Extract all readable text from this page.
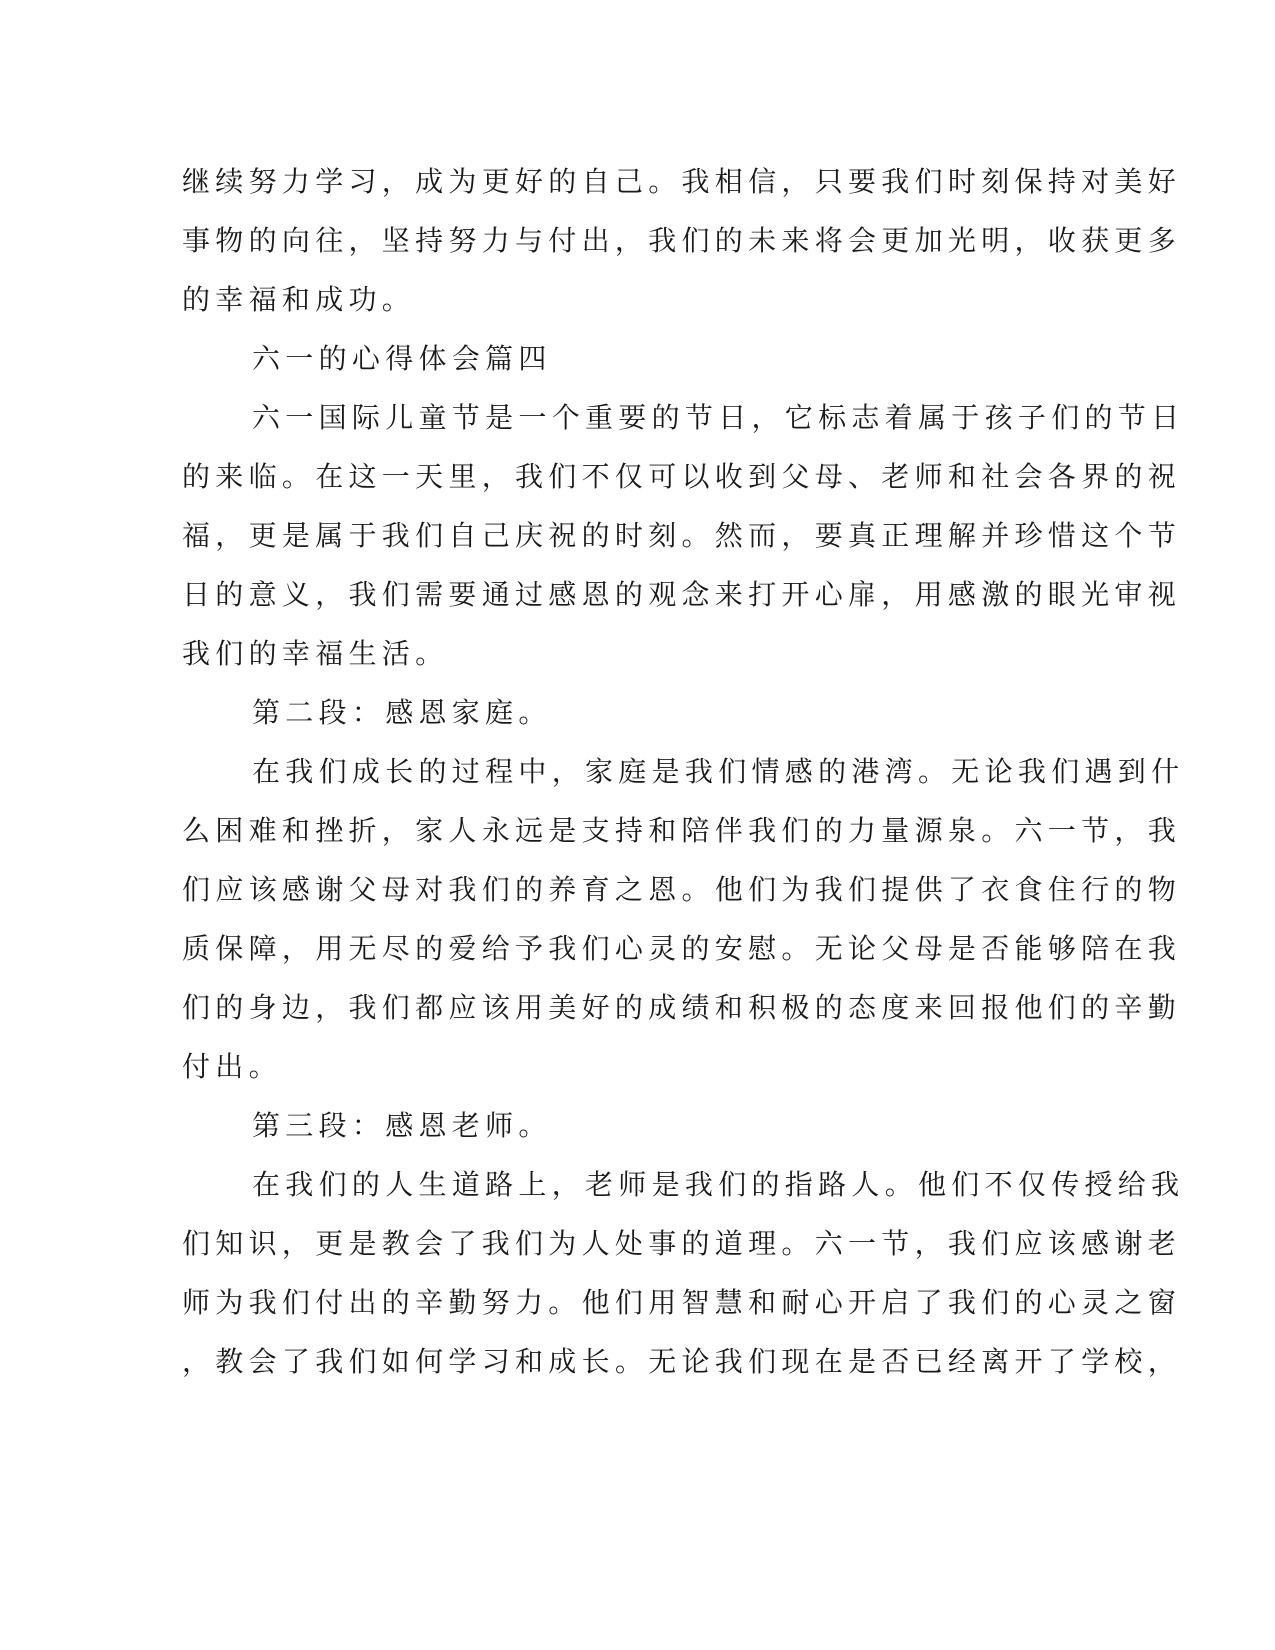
继续努力学习，成为更好的自己。我相信，只要我们时刻保持对美好
事物的向往，坚持努力与付出，我们的未来将会更加光明，收获更多
的幸福和成功。
六一的心得体会篇四
六一国际儿童节是一个重要的节日，它标志着属于孩子们的节日
的来临。在这一天里，我们不仅可以收到父母、老师和社会各界的祝
福，更是属于我们自己庆祝的时刻。然而，要真正理解并珍惜这个节
日的意义，我们需要通过感恩的观念来打开心扉，用感激的眼光审视
我们的幸福生活。
第二段：感恩家庭。
在我们成长的过程中，家庭是我们情感的港湾。无论我们遇到什
么困难和挫折，家人永远是支持和陪伴我们的力量源泉。六一节，我
们应该感谢父母对我们的养育之恩。他们为我们提供了衣食住行的物
质保障，用无尽的爱给予我们心灵的安慰。无论父母是否能够陪在我
们的身边，我们都应该用美好的成绩和积极的态度来回报他们的辛勤
付出。
第三段：感恩老师。
在我们的人生道路上，老师是我们的指路人。他们不仅传授给我
们知识，更是教会了我们为人处事的道理。六一节，我们应该感谢老
师为我们付出的辛勤努力。他们用智慧和耐心开启了我们的心灵之窗
，教会了我们如何学习和成长。无论我们现在是否已经离开了学校，
